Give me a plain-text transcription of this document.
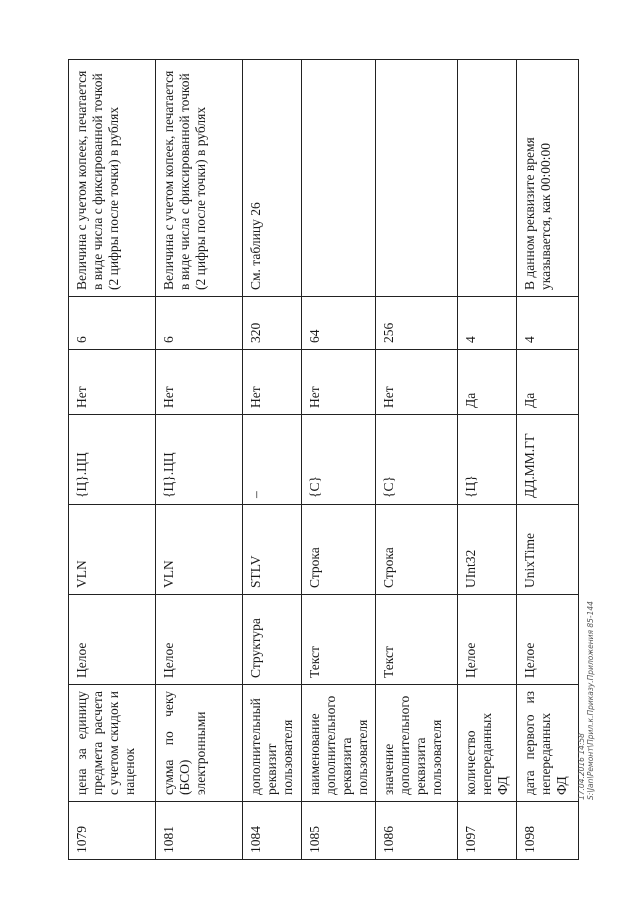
1079	цена за единицу предмета расчета с учетом скидок и наценок	Целое	VLN	{Ц}.ЦЦ	Нет	6	Величина с учетом копеек, печатается в виде числа с фиксированной точкой (2 цифры после точки) в рублях
1081	сумма по чеку (БСО) электронными	Целое	VLN	{Ц}.ЦЦ	Нет	6	Величина с учетом копеек, печатается в виде числа с фиксированной точкой (2 цифры после точки) в рублях
1084	дополнительный реквизит пользователя	Структура	STLV	–	Нет	320	См. таблицу 26
1085	наименование дополнительного реквизита пользователя	Текст	Строка	{С}	Нет	64	
1086	значение дополнительного реквизита пользователя	Текст	Строка	{С}	Нет	256	
1097	количество непереданных ФД	Целое	UInt32	{Ц}	Да	4	
1098	дата первого из непереданных ФД	Целое	UnixTime	ДД.ММ.ГГ	Да	4	В данном реквизите время указывается, как 00:00:00
17.04.2016 14:58 S:\Jan\Ремонт\Прил.к.Приказу.Приложения 85-144
